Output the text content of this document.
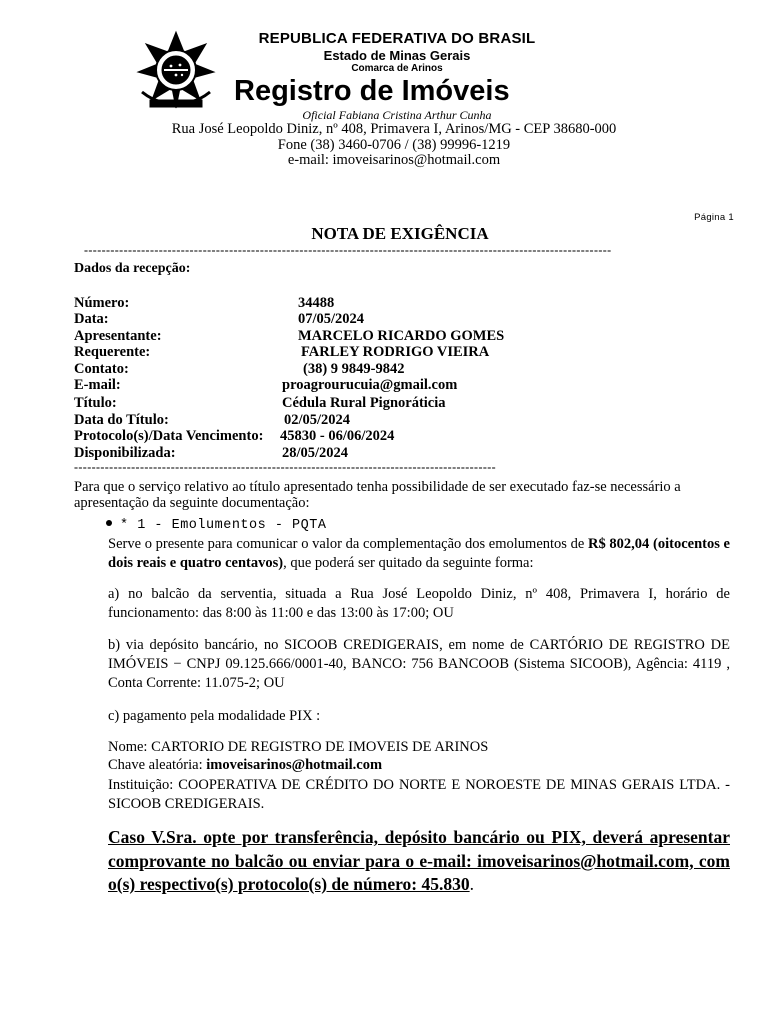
REPUBLICA FEDERATIVA DO BRASIL
Estado de Minas Gerais
Comarca de Arinos
Registro de Imóveis
Oficial Fabiana Cristina Arthur Cunha
Rua José Leopoldo Diniz, nº 408, Primavera I, Arinos/MG - CEP 38680-000
Fone (38) 3460-0706 / (38) 99996-1219
e-mail: imoveisarinos@hotmail.com
Página 1
NOTA DE EXIGÊNCIA
------------------------------------------------------------------------------------------------------------------------
Dados da recepção:
Número:	34488
Data:	07/05/2024
Apresentante:	MARCELO RICARDO GOMES
Requerente:	FARLEY RODRIGO VIEIRA
Contato:	(38) 9 9849-9842
E-mail:	proagrourucuia@gmail.com
Título:	Cédula Rural Pignoráticia
Data do Título:	02/05/2024
Protocolo(s)/Data Vencimento: 45830 - 06/06/2024
Disponibilizada:	28/05/2024
------------------------------------------------------------------------------------------------
Para que o serviço relativo ao título apresentado tenha possibilidade de ser executado faz-se necessário a apresentação da seguinte documentação:
* 1 - Emolumentos - PQTA
Serve o presente para comunicar o valor da complementação dos emolumentos de R$ 802,04 (oitocentos e dois reais e quatro centavos), que poderá ser quitado da seguinte forma:
a) no balcão da serventia, situada a Rua José Leopoldo Diniz, nº 408, Primavera I, horário de funcionamento: das 8:00 às 11:00 e das 13:00 às 17:00; OU
b) via depósito bancário, no SICOOB CREDIGERAIS, em nome de CARTÓRIO DE REGISTRO DE IMÓVEIS − CNPJ 09.125.666/0001-40, BANCO: 756 BANCOOB (Sistema SICOOB), Agência: 4119 , Conta Corrente: 11.075-2; OU
c) pagamento pela modalidade PIX :
Nome: CARTORIO DE REGISTRO DE IMOVEIS DE ARINOS
Chave aleatória: imoveisarinos@hotmail.com
Instituição: COOPERATIVA DE CRÉDITO DO NORTE E NOROESTE DE MINAS GERAIS LTDA. - SICOOB CREDIGERAIS.
Caso V.Sra. opte por transferência, depósito bancário ou PIX, deverá apresentar comprovante no balcão ou enviar para o e-mail: imoveisarinos@hotmail.com, com o(s) respectivo(s) protocolo(s) de número: 45.830.
